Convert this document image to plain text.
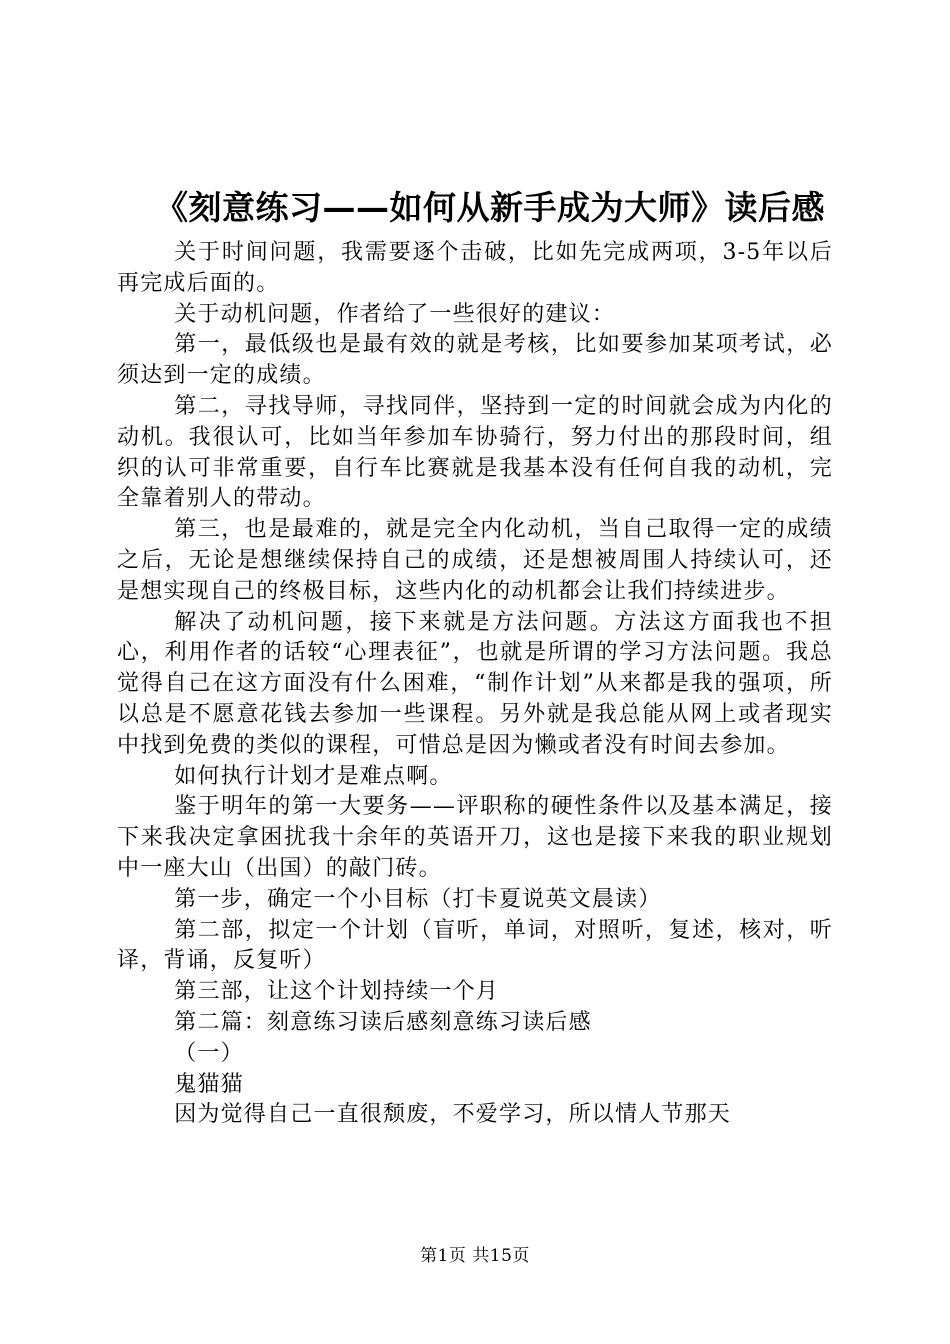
《刻意练习——如何从新手成为大师》读后感

关于时间问题，我需要逐个击破，比如先完成两项，3-5年以后再完成后面的。

关于动机问题，作者给了一些很好的建议：

第一，最低级也是最有效的就是考核，比如要参加某项考试，必须达到一定的成绩。

第二，寻找导师，寻找同伴，坚持到一定的时间就会成为内化的动机。我很认可，比如当年参加车协骑行，努力付出的那段时间，组织的认可非常重要，自行车比赛就是我基本没有任何自我的动机，完全靠着别人的带动。

第三，也是最难的，就是完全内化动机，当自己取得一定的成绩之后，无论是想继续保持自己的成绩，还是想被周围人持续认可，还是想实现自己的终极目标，这些内化的动机都会让我们持续进步。

解决了动机问题，接下来就是方法问题。方法这方面我也不担心，利用作者的话较“心理表征”，也就是所谓的学习方法问题。我总觉得自己在这方面没有什么困难，“制作计划”从来都是我的强项，所以总是不愿意花钱去参加一些课程。另外就是我总能从网上或者现实中找到免费的类似的课程，可惜总是因为懒或者没有时间去参加。

如何执行计划才是难点啊。

鉴于明年的第一大要务——评职称的硬性条件以及基本满足，接下来我决定拿困扰我十余年的英语开刀，这也是接下来我的职业规划中一座大山（出国）的敲门砖。

第一步，确定一个小目标（打卡夏说英文晨读）

第二部，拟定一个计划（盲听，单词，对照听，复述，核对，听译，背诵，反复听）

第三部，让这个计划持续一个月

第二篇：刻意练习读后感刻意练习读后感

（一）

鬼猫猫

因为觉得自己一直很颓废，不爱学习，所以情人节那天

第1页 共15页
